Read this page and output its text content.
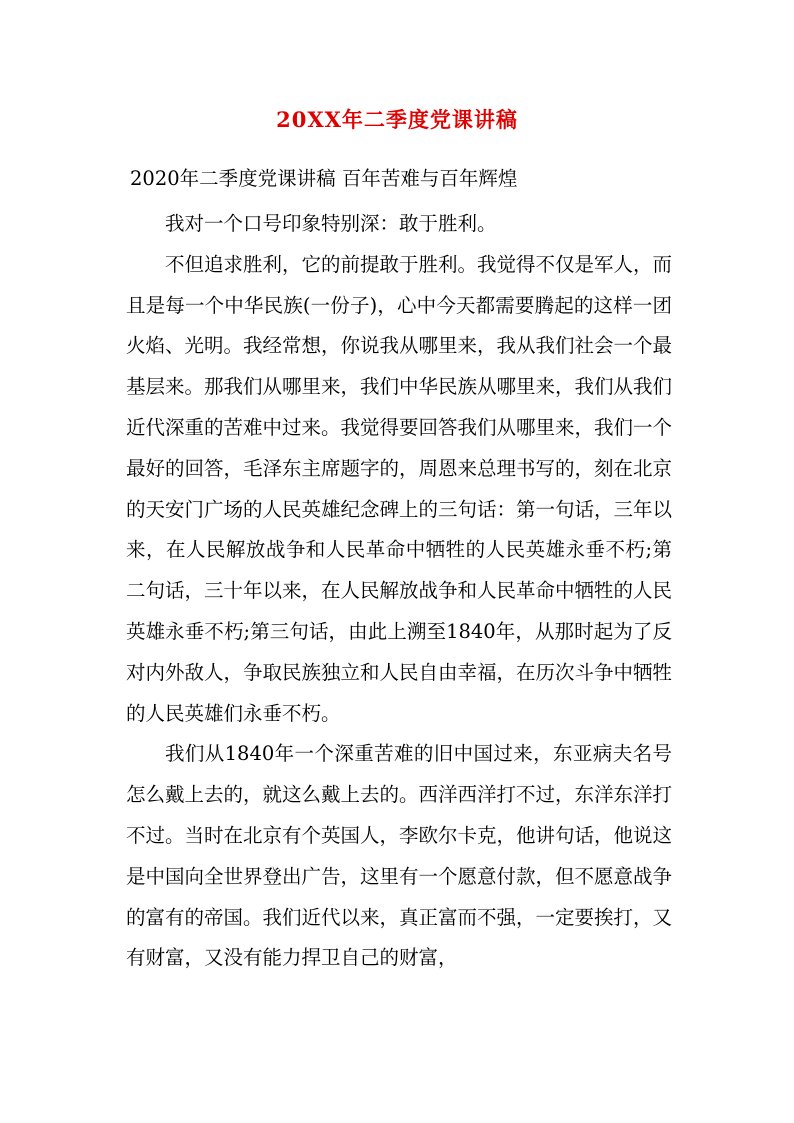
20XX年二季度党课讲稿

2020年二季度党课讲稿 百年苦难与百年辉煌

我对一个口号印象特别深：敢于胜利。

不但追求胜利，它的前提敢于胜利。我觉得不仅是军人，而且是每一个中华民族(一份子)，心中今天都需要腾起的这样一团火焰、光明。我经常想，你说我从哪里来，我从我们社会一个最基层来。那我们从哪里来，我们中华民族从哪里来，我们从我们近代深重的苦难中过来。我觉得要回答我们从哪里来，我们一个最好的回答，毛泽东主席题字的，周恩来总理书写的，刻在北京的天安门广场的人民英雄纪念碑上的三句话：第一句话，三年以来，在人民解放战争和人民革命中牺牲的人民英雄永垂不朽;第二句话，三十年以来，在人民解放战争和人民革命中牺牲的人民英雄永垂不朽;第三句话，由此上溯至1840年，从那时起为了反对内外敌人，争取民族独立和人民自由幸福，在历次斗争中牺牲的人民英雄们永垂不朽。

我们从1840年一个深重苦难的旧中国过来，东亚病夫名号怎么戴上去的，就这么戴上去的。西洋西洋打不过，东洋东洋打不过。当时在北京有个英国人，李欧尔卡克，他讲句话，他说这是中国向全世界登出广告，这里有一个愿意付款，但不愿意战争的富有的帝国。我们近代以来，真正富而不强，一定要挨打，又有财富，又没有能力捍卫自己的财富，
